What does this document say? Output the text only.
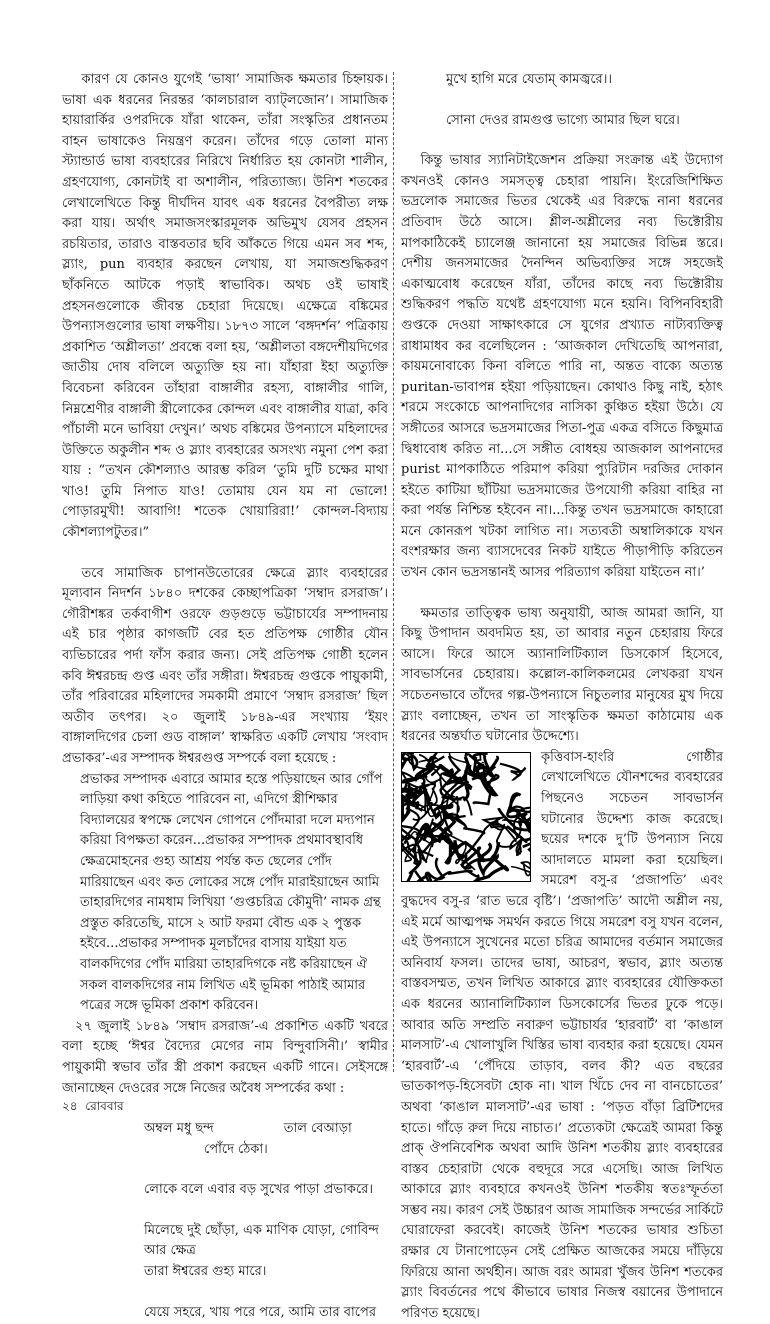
কারণ যে কোনও যুগেই ‘ভাষা’ সামাজিক ক্ষমতার চিহ্নায়ক। ভাষা এক ধরনের নিরন্তর ‘কালচারাল ব্যাট্‌লজোন’। সামাজিক হায়ারার্কির ওপরদিকে যাঁরা থাকেন, তাঁরা সংস্কৃতির প্রধানতম বাহন ভাষাকেও নিয়ন্ত্রণ করেন। তাঁদের গড়ে তোলা মান্য স্ট্যান্ডার্ড ভাষা ব্যবহারের নিরিখে নির্ধারিত হয় কোনটা শালীন, গ্রহণযোগ্য, কোনটাই বা অশালীন, পরিত্যাজ্য। উনিশ শতকের লেখালেখিতে কিন্তু দীর্ঘদিন যাবৎ এক ধরনের বৈপরীত্য লক্ষ করা যায়। অর্থাৎ সমাজসংস্কারমূলক অভিমুখ যেসব প্রহসন রচয়িতার, তারাও বাস্তবতার ছবি আঁকতে গিয়ে এমন সব শব্দ, স্ল্যাং, pun ব্যবহার করছেন লেখায়, যা সমাজশুদ্ধিকরণ ছাঁকনিতে আটকে পড়াই স্বাভাবিক। অথচ ওই ভাষাই প্রহসনগুলোকে জীবন্ত চেহারা দিয়েছে। এক্ষেত্রে বঙ্কিমের উপন্যাসগুলোর ভাষা লক্ষণীয়। ১৮৭৩ সালে ‘বঙ্গদর্শন’ পত্রিকায় প্রকাশিত ‘অশ্লীলতা’ প্রবন্ধে বলা হয়, ‘অশ্লীলতা বঙ্গদেশীয়দিগের জাতীয় দোষ বলিলে অত্যুক্তি হয় না। যাঁহারা ইহা অত্যুক্তি বিবেচনা করিবেন তাঁহারা বাঙ্গালীর রহস্য, বাঙ্গালীর গালি, নিম্নশ্রেণীর বাঙ্গালী স্ত্রীলোকের কোন্দল এবং বাঙ্গালীর যাত্রা, কবি পাঁচালী মনে ভাবিয়া দেখুন।’ অথচ বঙ্কিমের উপন্যাসে মহিলাদের উক্তিতে অকুলীন শব্দ ও স্ল্যাং ব্যবহারের অসংখ্য নমুনা পেশ করা যায় : “তখন কৌশল্যাও আরম্ভ করিল ‘তুমি দুটি চক্ষের মাথা খাও! তুমি নিপাত যাও! তোমায় যেন যম না ভোলে! পোড়ারমুখী! আবাগি! শতেক খোয়ারিরা!’ কোন্দল-বিদ্যায় কৌশল্যাপটুতর।”

তবে সামাজিক চাপানউতোরের ক্ষেত্রে স্ল্যাং ব্যবহারের মূল্যবান নিদর্শন ১৮৪০ দশকের কেচ্ছাপত্রিকা ‘সম্বাদ রসরাজ’। গৌরীশঙ্কর তর্কবাগীশ ওরফে গুড়গুড়ে ভট্টাচার্যের সম্পাদনায় এই চার পৃষ্ঠার কাগজটি বের হত প্রতিপক্ষ গোষ্ঠীর যৌন ব্যভিচারের পর্দা ফাঁস করার জন্য। সেই প্রতিপক্ষ গোষ্ঠী হলেন কবি ঈশ্বরচন্দ্র গুপ্ত এবং তাঁর সঙ্গীরা। ঈশ্বরচন্দ্র গুপ্তকে পায়ুকামী, তাঁর পরিবারের মহিলাদের সমকামী প্রমাণে ‘সম্বাদ রসরাজ’ ছিল অতীব তৎপর। ২০ জুলাই ১৮৪৯-এর সংখ্যায় ‘ইয়ং বাঙ্গালদিগের চেলা গুড বাঙ্গাল’ স্বাক্ষরিত একটি লেখায় ‘সংবাদ প্রভাকর’-এর সম্পাদক ঈশ্বরগুপ্ত সম্পর্কে বলা হয়েছে :

প্রভাকর সম্পাদক এবারে আমার হস্তে পড়িয়াছেন আর গোঁপ লাড়িয়া কথা কহিতে পারিবেন না, এদিগে স্ত্রীশিক্ষার বিদ্যালয়ের স্বপক্ষে লেখেন গোপনে পোঁদমারা দলে মদ্যপান করিয়া বিপক্ষতা করেন...প্রভাকর সম্পাদক প্রথমাবস্থাবধি ক্ষেত্রমোহনের গুহ্য আশ্রয় পর্যন্ত কত ছেলের পোঁদ মারিয়াছেন এবং কত লোকের সঙ্গে পোঁদ মারাইয়াছেন আমি তাহারদিগের নামধাম লিখিয়া ‘গুপ্তচরিত্র কৌমুদী’ নামক গ্রন্থ প্রস্তুত করিতেছি, মাসে ২ আট ফরমা বৌন্ড এক ২ পুস্তক হইবে...প্রভাকর সম্পাদক মূলচাঁদের বাসায় যাইয়া যত বালকদিগের পোঁদ মারিয়া তাহারদিগকে নষ্ট করিয়াছেন ঐ সকল বালকদিগের নাম লিখিত এই ভূমিকা পাঠাই আমার পত্রের সঙ্গে ভূমিকা প্রকাশ করিবেন।

২৭ জুলাই ১৮৪৯ ‘সম্বাদ রসরাজ’-এ প্রকাশিত একটি খবরে বলা হচ্ছে ‘ঈশ্বর বৈদ্যের মেগের নাম বিন্দুবাসিনী।’ স্বামীর পায়ুকামী স্বভাব তাঁর স্ত্রী প্রকাশ করছেন একটি গানে। সেইসঙ্গে জানাচ্ছেন দেওরের সঙ্গে নিজের অবৈধ সম্পর্কের কথা :

অম্বল মধু ছন্দ	তাল বেআড়া
পোঁদে ঠেকা।
লোকে বলে এবার বড় সুখের পাড়া প্রভাকরে।
মিলেছে দুই ছোঁড়া, এক মাণিক যোড়া, গোবিন্দ আর ক্ষেত্র
তারা ঈশ্বরের গুহ্য মারে।
যেয়ে সহরে, খায় পরে পরে, আমি তার বাপের
মুখে হাগি মরে যেতাম্ কামজ্বরে।।
সোনা দেওর রামগুপ্ত ভাগ্যে আমার ছিল ঘরে।

কিন্তু ভাষার স্যানিটাইজেশন প্রক্রিয়া সংক্রান্ত এই উদ্যোগ কখনওই কোনও সমসত্ত্ব চেহারা পায়নি। ইংরেজিশিক্ষিত ভদ্রলোক সমাজের ভিতর থেকেই এর বিরুদ্ধে নানা ধরনের প্রতিবাদ উঠে আসে। শ্লীল-অশ্লীলের নব্য ভিক্টোরীয় মাপকাঠিকেই চ্যালেঞ্জ জানানো হয় সমাজের বিভিন্ন স্তরে। দেশীয় জনসমাজের দৈনন্দিন অভিব্যক্তির সঙ্গে সহজেই একাত্মবোধ করেছেন যাঁরা, তাঁদের কাছে নব্য ভিক্টোরীয় শুদ্ধিকরণ পদ্ধতি যথেষ্ট গ্রহণযোগ্য মনে হয়নি। বিপিনবিহারী গুপ্তকে দেওয়া সাক্ষাৎকারে সে যুগের প্রখ্যাত নাট্যব্যক্তিত্ব রাধামাধব কর বলেছিলেন : ‘আজকাল দেখিতেছি আপনারা, কায়মনোবাক্যে কিনা বলিতে পারি না, অন্তত বাক্যে অত্যন্ত puritan-ভাবাপন্ন হইয়া পড়িয়াছেন। কোথাও কিছু নাই, হঠাৎ শরমে সংকোচে আপনাদিগের নাসিকা কুঞ্চিত হইয়া উঠে। যে সঙ্গীতের আসরে ভদ্রসমাজের পিতা-পুত্র একত্র বসিতে কিছুমাত্র দ্বিধাবোধ করিত না...সে সঙ্গীত বোধহয় আজকাল আপনাদের purist মাপকাঠিতে পরিমাপ করিয়া প্যুরিটান দরজির দোকান হইতে কাটিয়া ছাঁটিয়া ভদ্রসমাজের উপযোগী করিয়া বাহির না করা পর্যন্ত নিশ্চিন্ত হইবেন না।...কিন্তু তখন ভদ্রসমাজে কাহারো মনে কোনরূপ খটকা লাগিত না। সত্যবতী অম্বালিকাকে যখন বংশরক্ষার জন্য ব্যাসদেবের নিকট যাইতে পীড়াপীড়ি করিতেন তখন কোন ভদ্রসন্তানই আসর পরিত্যাগ করিয়া যাইতেন না।’

ক্ষমতার তাত্ত্বিক ভাষ্য অনুযায়ী, আজ আমরা জানি, যা কিছু উপাদান অবদমিত হয়, তা আবার নতুন চেহারায় ফিরে আসে। ফিরে আসে অ্যানালিটিক্যাল ডিসকোর্স হিসেবে, সাবভার্সনের চেহারায়। কল্লোল-কালিকলমের লেখকরা যখন সচেতনভাবে তাঁদের গল্প-উপন্যাসে নিচুতলার মানুষের মুখ দিয়ে স্ল্যাং বলাচ্ছেন, তখন তা সাংস্কৃতিক ক্ষমতা কাঠামোয় এক ধরনের অন্তর্ঘাত ঘটানোর উদ্দেশ্যে।

কৃত্তিবাস-হাংরি গোষ্ঠীর লেখালেখিতে যৌনশব্দের ব্যবহারের পিছনেও সচেতন সাবভার্সন ঘটানোর উদ্দেশ্য কাজ করেছে। ছয়ের দশকে দু’টি উপন্যাস নিয়ে আদালতে মামলা করা হয়েছিল। সমরেশ বসু-র ‘প্রজাপতি’ এবং বুদ্ধদেব বসু-র ‘রাত ভরে বৃষ্টি’। ‘প্রজাপতি’ আদৌ অশ্লীল নয়, এই মর্মে আত্মপক্ষ সমর্থন করতে গিয়ে সমরেশ বসু যখন বলেন, এই উপন্যাসে সুখেনের মতো চরিত্র আমাদের বর্তমান সমাজের অনিবার্য ফসল। তাদের ভাষা, আচরণ, স্বভাব, স্ল্যাং অত্যন্ত বাস্তবসম্মত, তখন লিখিত আকারে স্ল্যাং ব্যবহারের যৌক্তিকতা এক ধরনের অ্যানালিটিক্যাল ডিসকোর্সের ভিতর ঢুকে পড়ে। আবার অতি সম্প্রতি নবারুণ ভট্টাচার্যর ‘হারবার্ট’ বা ‘কাঙাল মালসাট’-এ খোলাখুলি খিস্তির ভাষা ব্যবহার করা হয়েছে। যেমন ‘হারবার্ট’-এ ‘পেঁদিয়ে তাড়াব, বলব কী? এত বছরের ভাতকাপড়-হিসেবটা হোক না। খাল খিঁচে দেব না বানচোতের’ অথবা ‘কাঙাল মালসাট’-এর ভাষা : ‘পড়ত বাঁড়া ব্রিটিশদের হাতে। গাঁড়ে রুল দিয়ে নাচাত।’ প্রত্যেকটা ক্ষেত্রেই আমরা কিন্তু প্রাক্ ঔপনিবেশিক অথবা আদি উনিশ শতকীয় স্ল্যাং ব্যবহারের বাস্তব চেহারাটা থেকে বহুদূরে সরে এসেছি। আজ লিখিত আকারে স্ল্যাং ব্যবহারে কখনওই উনিশ শতকীয় স্বতঃস্ফূর্ততা সম্ভব নয়। কারণ সেই উচ্চারণ আজ সামাজিক সন্দর্ভের সার্কিটে ঘোরাফেরা করবেই। কাজেই উনিশ শতকের ভাষার শুচিতা রক্ষার যে টানাপোড়েন সেই প্রেক্ষিত আজকের সময়ে দাঁড়িয়ে ফিরিয়ে আনা অর্থহীন। আজ বরং আমরা খুঁজব উনিশ শতকের স্ল্যাং বিবর্তনের পথে কীভাবে ভাষার নিজস্ব বয়ানের উপাদানে পরিণত হয়েছে।

২৪ রোববার
